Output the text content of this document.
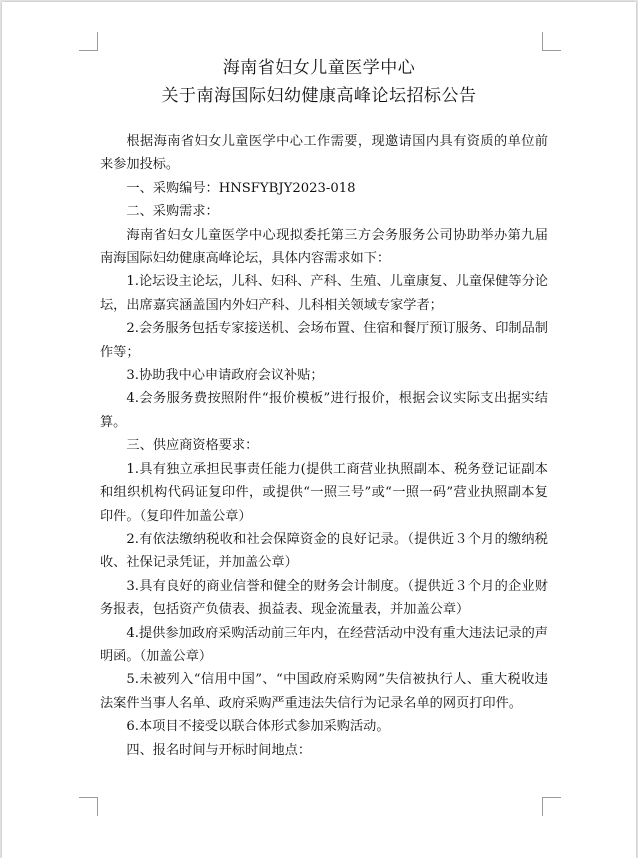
海南省妇女儿童医学中心
关于南海国际妇幼健康高峰论坛招标公告

根据海南省妇女儿童医学中心工作需要，现邀请国内具有资质的单位前来参加投标。

一、采购编号：HNSFYBJY2023-018

二、采购需求：

海南省妇女儿童医学中心现拟委托第三方会务服务公司协助举办第九届南海国际妇幼健康高峰论坛，具体内容需求如下：

1.论坛设主论坛，儿科、妇科、产科、生殖、儿童康复、儿童保健等分论坛，出席嘉宾涵盖国内外妇产科、儿科相关领域专家学者；

2.会务服务包括专家接送机、会场布置、住宿和餐厅预订服务、印制品制作等；

3.协助我中心申请政府会议补贴；

4.会务服务费按照附件“报价模板”进行报价，根据会议实际支出据实结算。

三、供应商资格要求：

1.具有独立承担民事责任能力(提供工商营业执照副本、税务登记证副本和组织机构代码证复印件，或提供“一照三号”或“一照一码”营业执照副本复印件。（复印件加盖公章）

2.有依法缴纳税收和社会保障资金的良好记录。（提供近３个月的缴纳税收、社保记录凭证，并加盖公章）

3.具有良好的商业信誉和健全的财务会计制度。（提供近３个月的企业财务报表，包括资产负债表、损益表、现金流量表，并加盖公章）

4.提供参加政府采购活动前三年内，在经营活动中没有重大违法记录的声明函。（加盖公章）

5.未被列入“信用中国”、“中国政府采购网”失信被执行人、重大税收违法案件当事人名单、政府采购严重违法失信行为记录名单的网页打印件。

6.本项目不接受以联合体形式参加采购活动。

四、报名时间与开标时间地点：
